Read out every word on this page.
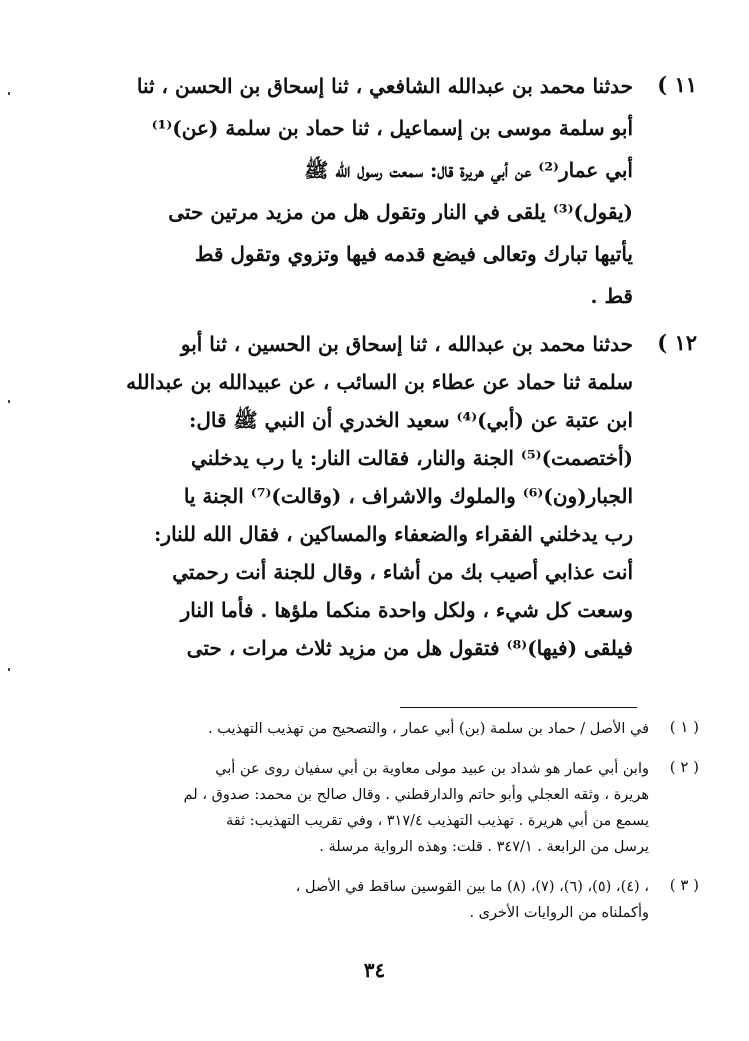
١١ )
حدثنا محمد بن عبدالله الشافعي ، ثنا إسحاق بن الحسن ، ثنا
أبو سلمة موسى بن إسماعيل ، ثنا حماد بن سلمة (عن)⁽¹⁾
أبي عمار⁽²⁾ عن أبي هريرة قال: سمعت رسول الله ﷺ
(يقول)⁽³⁾ يلقى في النار وتقول هل من مزيد مرتين حتى
يأتيها تبارك وتعالى فيضع قدمه فيها وتزوي وتقول قط
قط .
١٢ )
حدثنا محمد بن عبدالله ، ثنا إسحاق بن الحسين ، ثنا أبو
سلمة ثنا حماد عن عطاء بن السائب ، عن عبيدالله بن عبدالله
ابن عتبة عن (أبي)⁽⁴⁾ سعيد الخدري أن النبي ﷺ قال:
(أختصمت)⁽⁵⁾ الجنة والنار، فقالت النار: يا رب يدخلني
الجبار(ون)⁽⁶⁾ والملوك والاشراف ، (وقالت)⁽⁷⁾ الجنة يا
رب يدخلني الفقراء والضعفاء والمساكين ، فقال الله للنار:
أنت عذابي أصيب بك من أشاء ، وقال للجنة أنت رحمتي
وسعت كل شيء ، ولكل واحدة منكما ملؤها . فأما النار
فيلقى (فيها)⁽⁸⁾ فتقول هل من مزيد ثلاث مرات ، حتى
( ١ )
في الأصل / حماد بن سلمة (بن) أبي عمار ، والتصحيح من تهذيب التهذيب .
( ٢ )
وابن أبي عمار هو شداد بن عبيد مولى معاوية بن أبي سفيان روى عن أبي
هريرة ، وثقه العجلي وأبو حاتم والدارقطني . وقال صالح بن محمد: صدوق ، لم
يسمع من أبي هريرة . تهذيب التهذيب ٣١٧/٤ ، وفي تقريب التهذيب: ثقة
يرسل من الرابعة . ٣٤٧/١ . قلت: وهذه الرواية مرسلة .
( ٣ )
، (٤)، (٥)، (٦)، (٧)، (٨) ما بين القوسين ساقط في الأصل ،
وأكملناه من الروايات الأخرى .
٣٤
